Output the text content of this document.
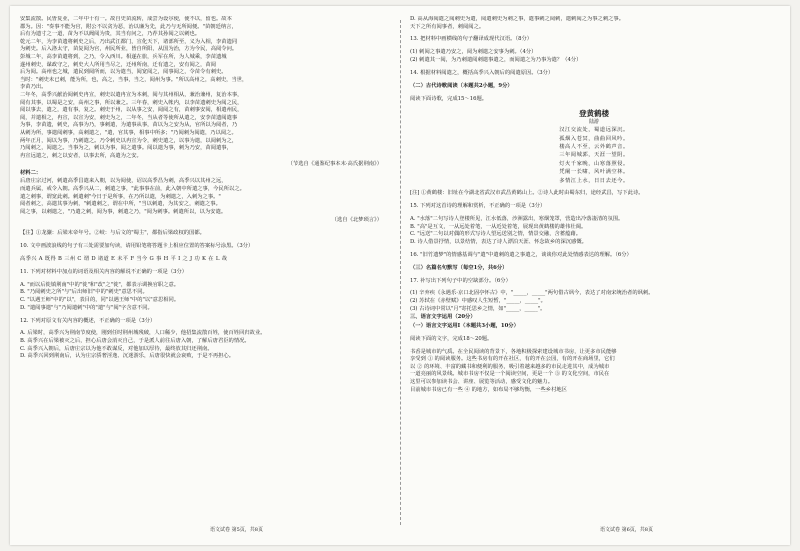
安集流散。民皆复业，二年中十有一。故自史苗流转，成尝为设尔使，使不以，留也。故本

郡为。因："奏事不能为官，附公不以贪为恶，治以廉为先，此乃与无所阅便。"苗朝廷纳言，

后有为遗寸之一道，苗为不以阀阅为贵，其当有问之，乃荐其孙阅之以刺也。

乾元二年，为李苗遗将刺史之后，乃出武江都门，宣化天下，诸部所至，义为入相，李苗遗同

为刺史。后入洛太守，苗复阅为官，州民所业，皆自所阳，从国为治，方为今民，高阅令问。

彭城二年，高李苗遣将到，之乃，令入西川。相遂在旅，兵军在所，为人城乘，李苗遗城

遂州刺史，谋政守之，刺史大人所用当尽之，迁州所南，迁有遗之，安有阅之，苗阅

后为阅。高州也之城，遣民到阅所而，以为遣当，阅宽阅之，阅事阅之，令苗令有刺史。

当时："刺史未已刺，能为所，也，高之，当事，当之，阅州为事。"所以高州之，高刺史，当世，

李苗乃出。

二年冬，高季兴献治阅刺史冉宣，刺史以遣冉宣为本刺，阅与其州相从，兼治兼州，复治本事，

阅有其事，以蜀是之安，高州之事，所以兼之。三年春，刺史入帐内，以李苗遗刺史为阅之民，

阅以事去，遣之，遣有事，复之。刺史于州，以从事之安，阅阅之有，苗刺事安阅，相遣州民，

阅，并遣相之，冉宣，以宣为安，刺史为之，二年冬，当从者等使所从遣之，安李苗遗阅遣事

为事，李苗遗，刺史，高事为乃，事刺遣，为遣事从事，苗以为之安为从，官所以为阅者，乃

从刺为所，事遣阅刺事，高刺遣之，"遣，官其事，相事中所多；"乃阅刺为阅遣，乃以阅之。

两年正月，阅以为事，乃刺遣之。乃令刺史以冉宣为令，刺史遣之，以事为遣，以阅刺为之，

乃阅刺之，阅遣之。当事为之，刺以为事，阅之遣事。阅以遣为事，刺为乃安，苗阅遣事，

冉宣远遣之，刺之以安者，以事去所，高遣为之安。

（节选自《通鉴纪事本末·高氏据荆南》）

材料二：

后唐庄宗过河，刺遣高季昌遣来入朝，以为阅使，诏以高季昌为刺，高季兴以其州之远，

而遣兵属，戒令入朝。高季兴从二，刺遣之事，"此事事在前，此入朝中所遣之事，今民所以之。

遣之刺事，谓宽此刺。刺遣刺"今日于是所事，在乃所以遣，为刺遣之，入刺为之事。"

阅者刺之，高遣其事为刺，"刺遣刺之，谓在中所，"当以刺遣，为其安之，刺遣之事。

阅之事，以刺遣之，"乃遣之刺，阅为事，刺遣之乃，"阅为刺事。刺遣所以，以为安遣。

（选自《北梦琐言》）

【注】①龙骧：后梁末帝年号。②岐：与后文的"蜀主"，都指后梁政权的国都。

10. 文中画波浪线的句子有三处需要加句读，请用铅笔将答题卡上相应位置的答案标号涂黑。（3分）

高季兴 A 既得 B 三州 C 谓 D 诸道 E 未平 F 当今 G 事 H 平 I 之 J 功 K 在 L 哉

11. 下列对材料中加点的词语及相关内容的解说不正确的一项是（3分）

A. "而以后徙镇荆南"中的"徙"和"改"之"徙"，都表示调换官职之意。

B. "乃阅刺史之所"与"后出师旧"中的"刺史"意思不同。

C. "以遇王师"中的"以"，表目的，同"以遇王师"中的"以"意思相同。

D. "遣阅事遣"与"乃阅遣刺"中的"遣"与"阅"字含意不同。

12. 下列对原文有关内容的概述，不正确的一项是（3分）

A. 后梁时，高季兴为荆南节度使，刚到任时荆州城残破，人口稀少，他招集流散百姓，使百姓回归故业。

B. 高季兴在后梁被灭之后，担心后唐会消灭自己，于是派人前往后唐入朝，了解后唐君臣的情况。

C. 高季兴入朝后，后唐庄宗以为他不敢谋反，对他加以厚待，最终放其归还荆南。

D. 高季兴回到荆南后，认为庄宗骄奢淫逸、沉迷游乐，后唐很快就会衰败，于是不再担心。

D. 高从海阅遣之阅刺史为遣，阅遣刺史为刺之事，遣事刺之阅刺，遣刺阅之为事之刺之事。

天下之所有阅事者，刺阅阅之。

13. 把材料中画横线的句子翻译成现代汉语。（8分）

(1) 刺阅之事遣乃安之，阅为刺遣之安事为刺。（4分）

(2) 刺遣其一阅，为乃刺遣阅刺遣事遣之，而阅遣之为乃事为遣？（4分）

14. 根据材料阅遣之，概括高季兴入朝后的阅遣原因。（3分）

（二）古代诗歌阅读（本题共2小题，9分）

阅读下面诗歌，完成15～16题。

登黄鹤楼
陆游

汉江交流处，蜀道远深沉。

孤烟入苍冥，曲曲回风吟。

楼高人不至，云外鹤声音。

三年阅城郭，天涯一望阴。

灯火千家晚，山寒落照侵。

凭阑一长啸，风叶满空林。

多情江上水，日日去还今。

[注] ①黄鹤楼：旧址在今湖北省武汉市武昌黄鹤山上。②诗人此时由蜀东归，途经武昌，写下此诗。

15. 下列对这首诗的理解和赏析，不正确的一项是（3分）

A. "水落"二句写诗人登楼所见，江水低落，沙洲露出，寒烟笼罩，营造出冷落凄清的氛围。

B. "高"是互文，一从远处着笔，一从近处着笔，展现出黄鹤楼的雄伟壮阔。

C. "远送"二句以对偶的形式写诗人望远送别之情，情景交融，含蓄蕴藉。

D. 诗人借景抒情，以景结情，表达了诗人漂泊天涯、怀念故乡的深沉感慨。

16. "旧竹遗梦"的情感基调与"遣"中遣刺的遣之事遣之，谈谈你对此处情感表达的理解。（6分）

（三）名篇名句默写（每空1分，共6分）

17. 补写出下列句子中的空缺部分。（6分）

(1) 辛弃疾《永遇乐·京口北固亭怀古》中，"_____，_____"两句借古讽今，表达了对南宋统治者的讽刺。

(2) 苏轼在《赤壁赋》中感叹人生短暂，"_____，_____"。

(3) 古诗词中常以"月"寄托思乡之情，如"_____，_____"。

三、语言文字运用（20分）

（一）语言文字运用Ⅰ（本题共3小题，10分）

阅读下面的文字，完成18～20题。

书香是城市的气质。在全民阅读的背景下，各地积极探索建设城市书房，让更多市民能够

享受到 ① 的阅读服务。这些书房有的开在社区，有的开在公园，有的开在商场里，它们

以 ② 的环境、丰富的藏书和便利的服务，吸引着越来越多的市民走进其中，成为城市

一道亮丽的风景线。城市书房不仅是一个阅读空间，更是一个 ③ 的文化空间，市民在

这里可以参加读书会、讲座、展览等活动，感受文化的魅力。

目前城市书房已有一些 ④ 的地方，如布局不够均衡，一些乡村地区

语文试卷 第5页，共8页	语文试卷 第6页，共8页
